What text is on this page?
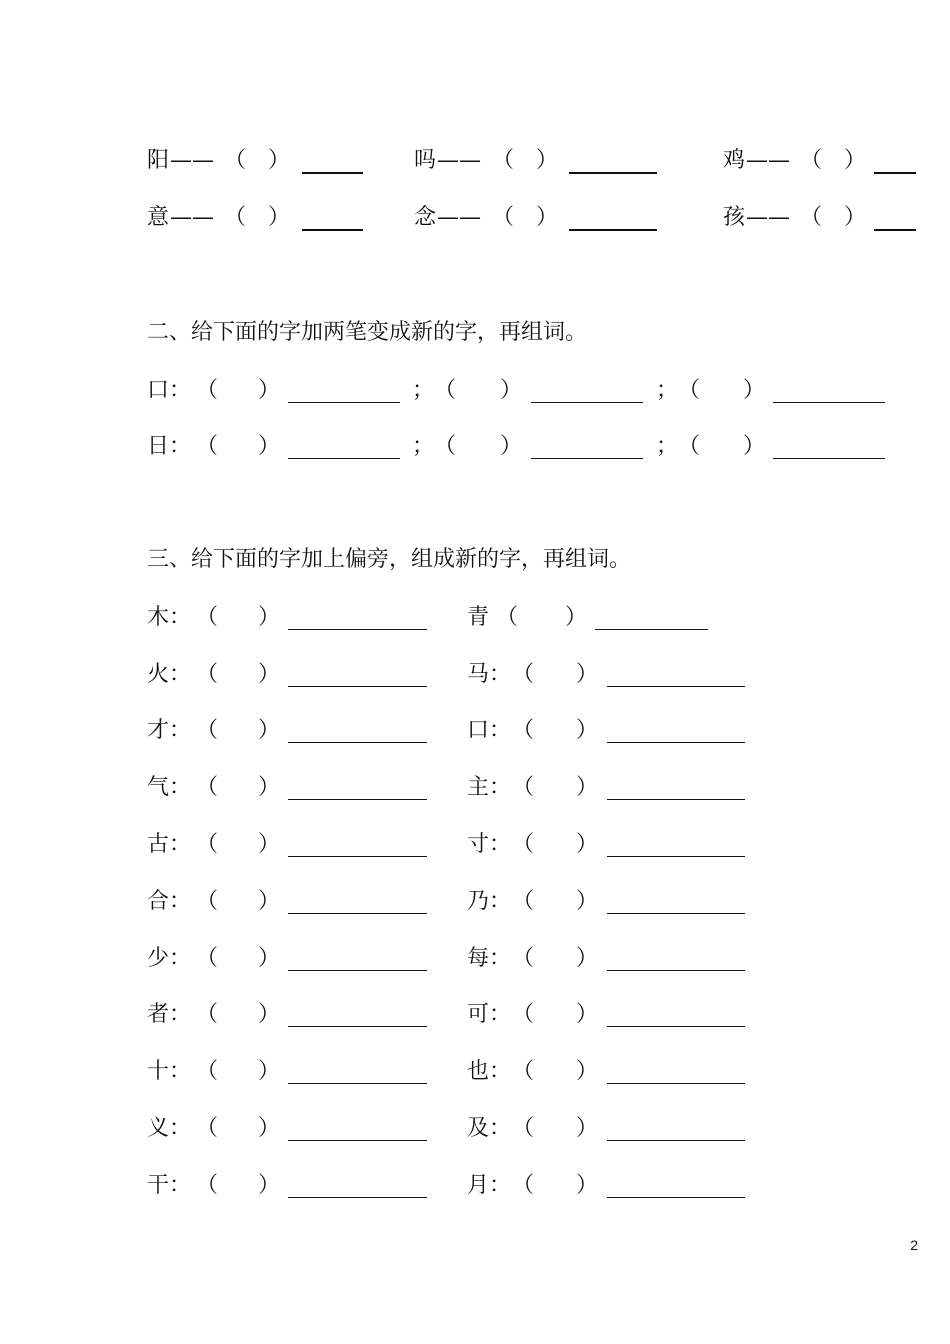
阳 —— （　）	吗 —— （　）	鸡 —— （　）
意 —— （　）	念 —— （　）	孩 —— （　）
二、给下面的字加两笔变成新的字，再组词。
口： （ ）	； （ ）	； （ ）
日： （ ）	； （ ）	； （ ）
三、给下面的字加上偏旁，组成新的字，再组词。
木： （ ）	青 （ ）
火： （ ）	马： （ ）
才： （ ）	口： （ ）
气： （ ）	主： （ ）
古： （ ）	寸： （ ）
合： （ ）	乃： （ ）
少： （ ）	每： （ ）
者： （ ）	可： （ ）
十： （ ）	也： （ ）
义： （ ）	及： （ ）
干： （ ）	月： （ ）
2
